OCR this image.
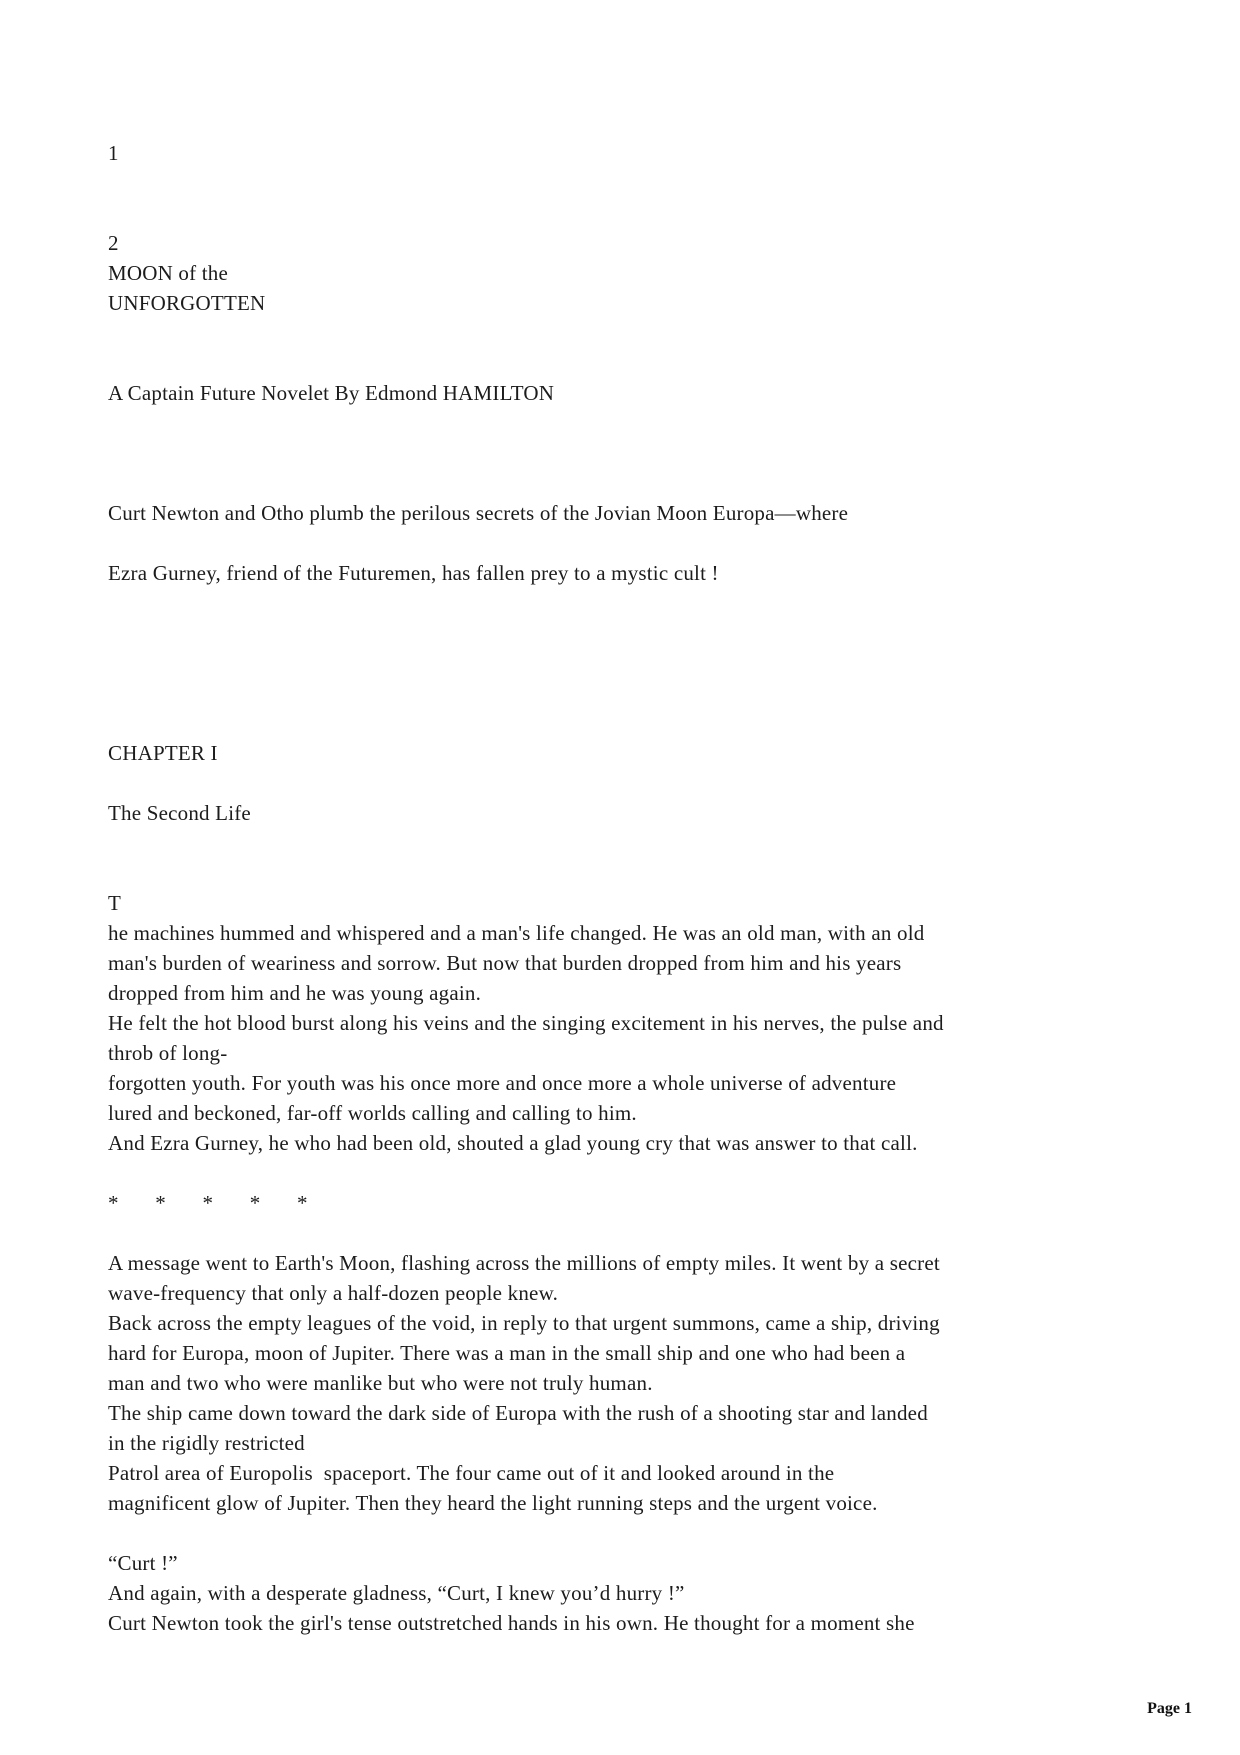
1
2
MOON of the
UNFORGOTTEN
A Captain Future Novelet By Edmond HAMILTON
Curt Newton and Otho plumb the perilous secrets of the Jovian Moon Europa—where
Ezra Gurney, friend of the Futuremen, has fallen prey to a mystic cult !
CHAPTER I
The Second Life
T
he machines hummed and whispered and a man's life changed. He was an old man, with an old
man's burden of weariness and sorrow. But now that burden dropped from him and his years
dropped from him and he was young again.
He felt the hot blood burst along his veins and the singing excitement in his nerves, the pulse and
throb of long-
forgotten youth. For youth was his once more and once more a whole universe of adventure
lured and beckoned, far-off worlds calling and calling to him.
And Ezra Gurney, he who had been old, shouted a glad young cry that was answer to that call.
*       *       *       *       *
A message went to Earth's Moon, flashing across the millions of empty miles. It went by a secret
wave-frequency that only a half-dozen people knew.
Back across the empty leagues of the void, in reply to that urgent summons, came a ship, driving
hard for Europa, moon of Jupiter. There was a man in the small ship and one who had been a
man and two who were manlike but who were not truly human.
The ship came down toward the dark side of Europa with the rush of a shooting star and landed
in the rigidly restricted
Patrol area of Europolis  spaceport. The four came out of it and looked around in the
magnificent glow of Jupiter. Then they heard the light running steps and the urgent voice.
“Curt !”
And again, with a desperate gladness, “Curt, I knew you’d hurry !”
Curt Newton took the girl's tense outstretched hands in his own. He thought for a moment she
Page 1
